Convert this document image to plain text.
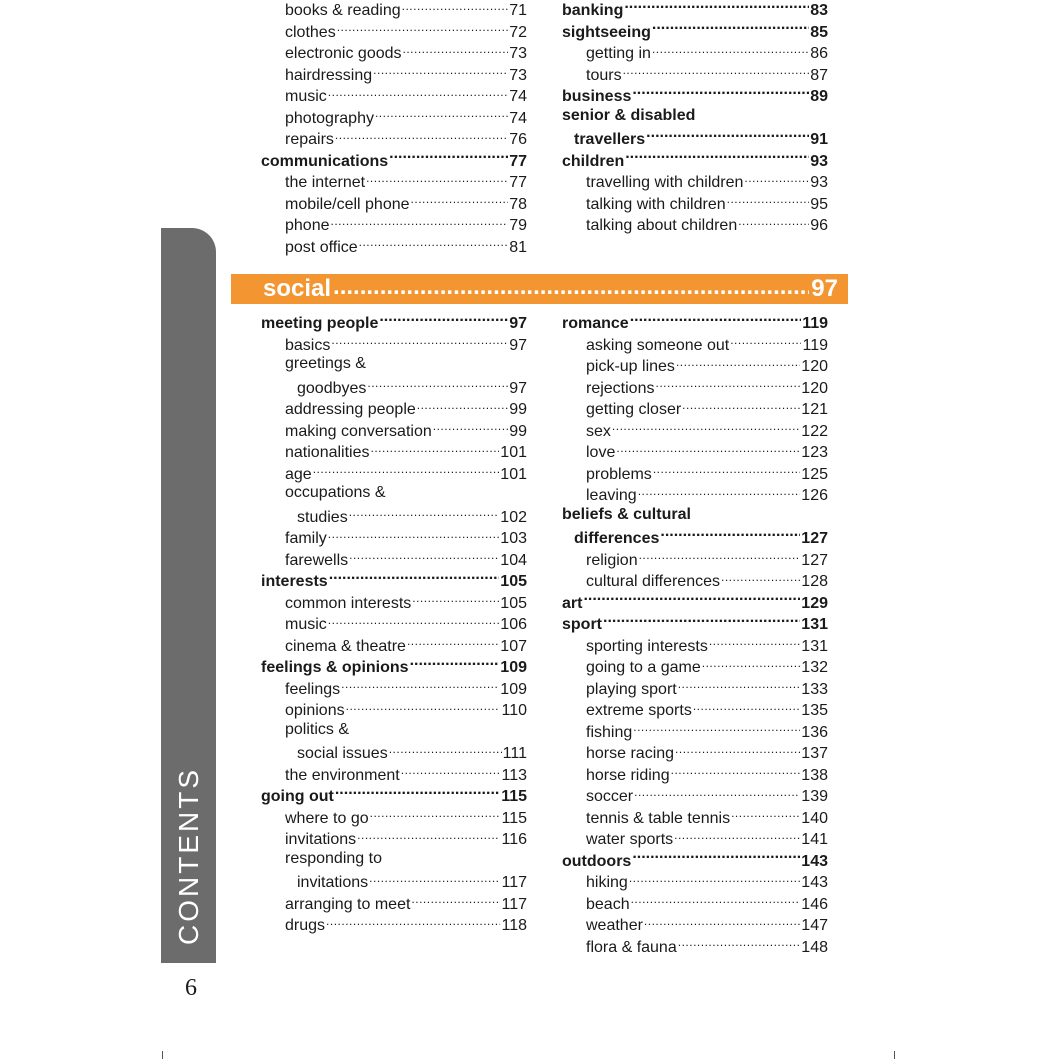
CONTENTS
books & reading .....	71
clothes .....	72
electronic goods .....	73
hairdressing .....	73
music .....	74
photography .....	74
repairs .....	76
communications .....	77
the internet .....	77
mobile/cell phone .....	78
phone .....	79
post office .....	81
banking .....	83
sightseeing .....	85
getting in .....	86
tours .....	87
business .....	89
senior & disabled
travellers .....	91
children .....	93
travelling with children .....	93
talking with children .....	95
talking about children .....	96
social .....	97
meeting people .....	97
basics .....	97
greetings &
goodbyes .....	97
addressing people .....	99
making conversation .....	99
nationalities .....	101
age .....	101
occupations &
studies .....	102
family .....	103
farewells .....	104
interests .....	105
common interests .....	105
music .....	106
cinema & theatre .....	107
feelings & opinions .....	109
feelings .....	109
opinions .....	110
politics &
social issues .....	111
the environment .....	113
going out .....	115
where to go .....	115
invitations .....	116
responding to
invitations .....	117
arranging to meet .....	117
drugs .....	118
romance .....	119
asking someone out .....	119
pick-up lines .....	120
rejections .....	120
getting closer .....	121
sex .....	122
love .....	123
problems .....	125
leaving .....	126
beliefs & cultural
differences .....	127
religion .....	127
cultural differences .....	128
art .....	129
sport .....	131
sporting interests .....	131
going to a game .....	132
playing sport .....	133
extreme sports .....	135
fishing .....	136
horse racing .....	137
horse riding .....	138
soccer .....	139
tennis & table tennis .....	140
water sports .....	141
outdoors .....	143
hiking .....	143
beach .....	146
weather .....	147
flora & fauna .....	148
6
